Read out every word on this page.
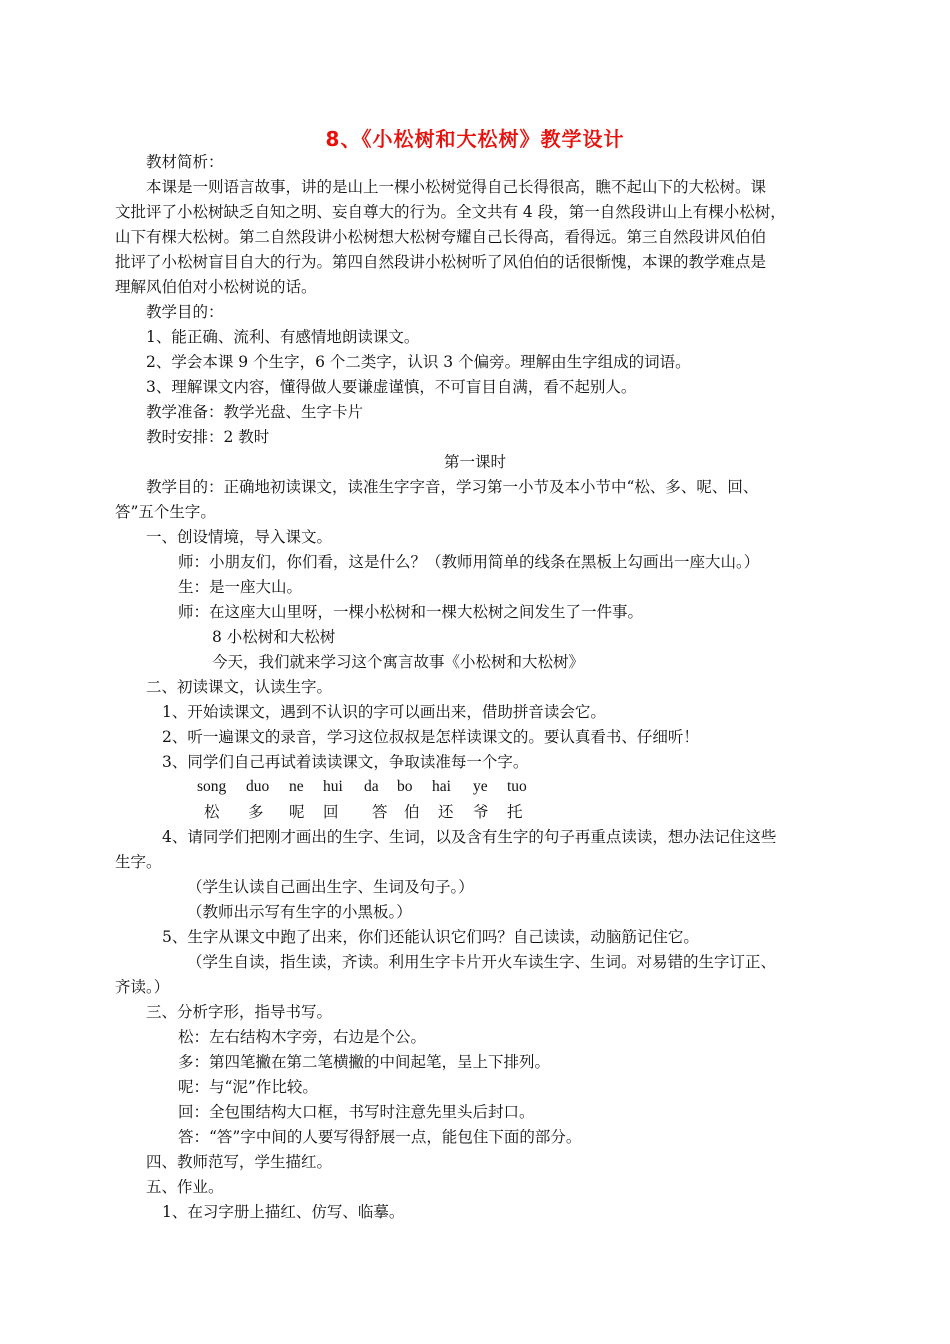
8、《小松树和大松树》教学设计
教材简析：
本课是一则语言故事，讲的是山上一棵小松树觉得自己长得很高，瞧不起山下的大松树。课
文批评了小松树缺乏自知之明、妄自尊大的行为。全文共有 4 段，第一自然段讲山上有棵小松树，
山下有棵大松树。第二自然段讲小松树想大松树夸耀自己长得高，看得远。第三自然段讲风伯伯
批评了小松树盲目自大的行为。第四自然段讲小松树听了风伯伯的话很惭愧，本课的教学难点是
理解风伯伯对小松树说的话。
教学目的：
1、能正确、流利、有感情地朗读课文。
2、学会本课 9 个生字，6 个二类字，认识 3 个偏旁。理解由生字组成的词语。
3、理解课文内容，懂得做人要谦虚谨慎，不可盲目自满，看不起别人。
教学准备：教学光盘、生字卡片
教时安排：2 教时
第一课时
教学目的：正确地初读课文，读准生字字音，学习第一小节及本小节中“松、多、呢、回、
答”五个生字。
一、创设情境，导入课文。
师：小朋友们，你们看，这是什么？（教师用简单的线条在黑板上勾画出一座大山。）
生：是一座大山。
师：在这座大山里呀，一棵小松树和一棵大松树之间发生了一件事。
8 小松树和大松树
今天，我们就来学习这个寓言故事《小松树和大松树》
二、初读课文，认读生字。
1、开始读课文，遇到不认识的字可以画出来，借助拼音读会它。
2、听一遍课文的录音，学习这位叔叔是怎样读课文的。要认真看书、仔细听！
3、同学们自己再试着读读课文，争取读准每一个字。
song duo ne hui da bo hai ye tuo
松 多 呢 回 答 伯 还 爷 托
4、请同学们把刚才画出的生字、生词，以及含有生字的句子再重点读读，想办法记住这些
生字。
（学生认读自己画出生字、生词及句子。）
（教师出示写有生字的小黑板。）
5、生字从课文中跑了出来，你们还能认识它们吗？自己读读，动脑筋记住它。
（学生自读，指生读，齐读。利用生字卡片开火车读生字、生词。对易错的生字订正、
齐读。）
三、分析字形，指导书写。
松：左右结构木字旁，右边是个公。
多：第四笔撇在第二笔横撇的中间起笔，呈上下排列。
呢：与“泥”作比较。
回：全包围结构大口框，书写时注意先里头后封口。
答：“答”字中间的人要写得舒展一点，能包住下面的部分。
四、教师范写，学生描红。
五、作业。
1、在习字册上描红、仿写、临摹。
